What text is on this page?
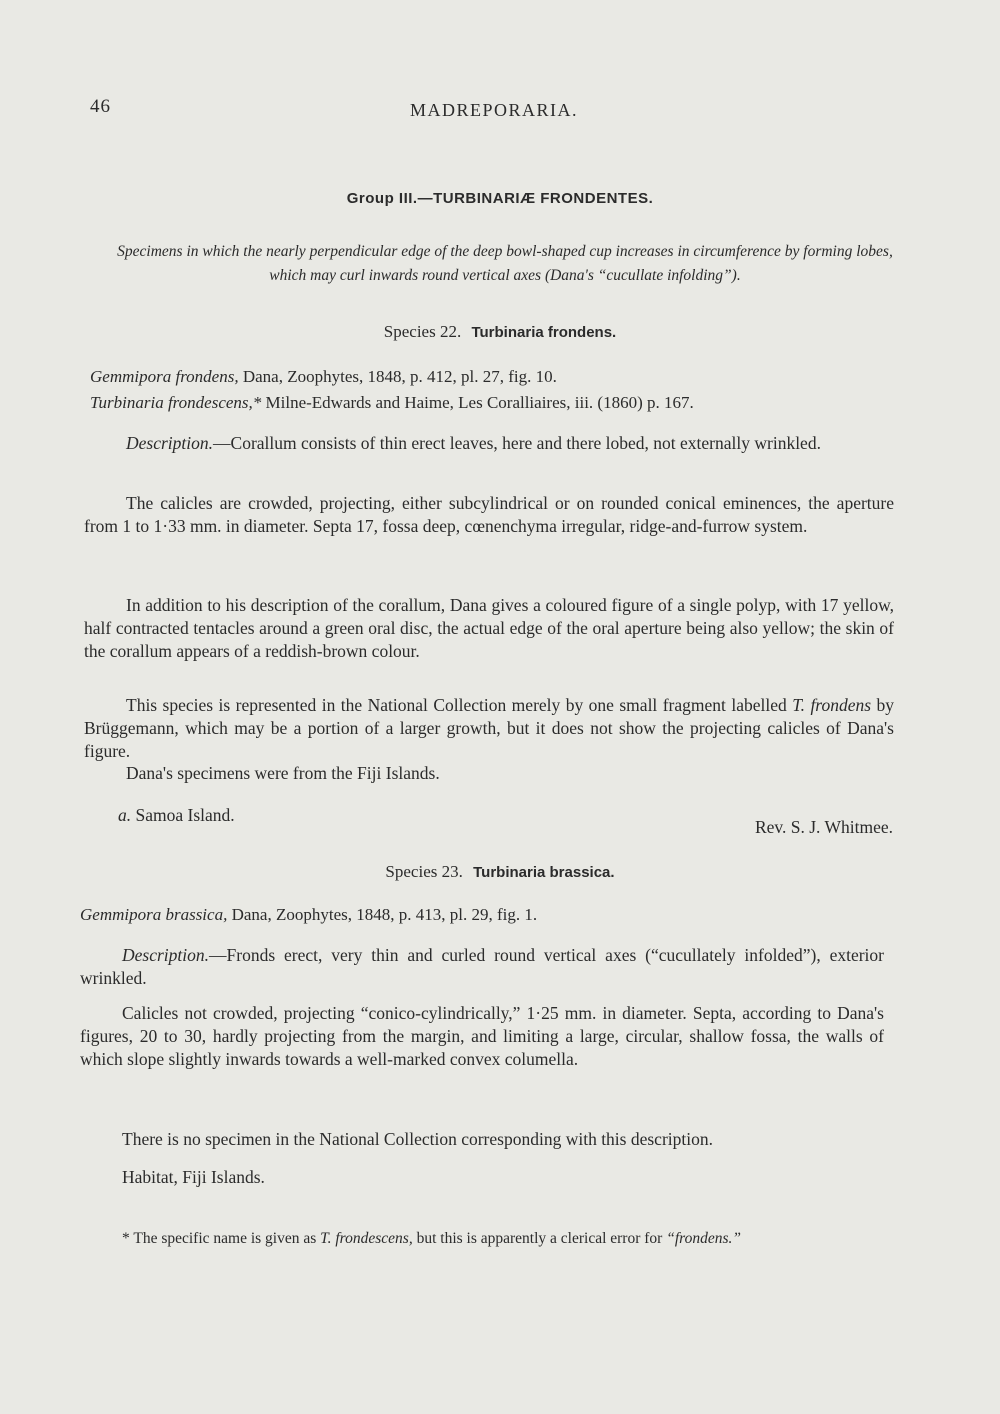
46	MADREPORARIA.
Group III.—TURBINARIÆ FRONDENTES.
Specimens in which the nearly perpendicular edge of the deep bowl-shaped cup increases in circumference by forming lobes, which may curl inwards round vertical axes (Dana's “cucullate infolding”).
Species 22. Turbinaria frondens.
Gemmipora frondens, Dana, Zoophytes, 1848, p. 412, pl. 27, fig. 10.
Turbinaria frondescens,* Milne-Edwards and Haime, Les Coralliaires, iii. (1860) p. 167.
Description.—Corallum consists of thin erect leaves, here and there lobed, not externally wrinkled.
The calicles are crowded, projecting, either subcylindrical or on rounded conical eminences, the aperture from 1 to 1·33 mm. in diameter. Septa 17, fossa deep, cœnenchyma irregular, ridge-and-furrow system.
In addition to his description of the corallum, Dana gives a coloured figure of a single polyp, with 17 yellow, half contracted tentacles around a green oral disc, the actual edge of the oral aperture being also yellow; the skin of the corallum appears of a reddish-brown colour.
This species is represented in the National Collection merely by one small fragment labelled T. frondens by Brüggemann, which may be a portion of a larger growth, but it does not show the projecting calicles of Dana's figure.
Dana's specimens were from the Fiji Islands.
a. Samoa Island.
Rev. S. J. Whitmee.
Species 23. Turbinaria brassica.
Gemmipora brassica, Dana, Zoophytes, 1848, p. 413, pl. 29, fig. 1.
Description.—Fronds erect, very thin and curled round vertical axes (“cucullately infolded”), exterior wrinkled.
Calicles not crowded, projecting “conico-cylindrically,” 1·25 mm. in diameter. Septa, according to Dana's figures, 20 to 30, hardly projecting from the margin, and limiting a large, circular, shallow fossa, the walls of which slope slightly inwards towards a well-marked convex columella.
There is no specimen in the National Collection corresponding with this description.
Habitat, Fiji Islands.
* The specific name is given as T. frondescens, but this is apparently a clerical error for “frondens.”
